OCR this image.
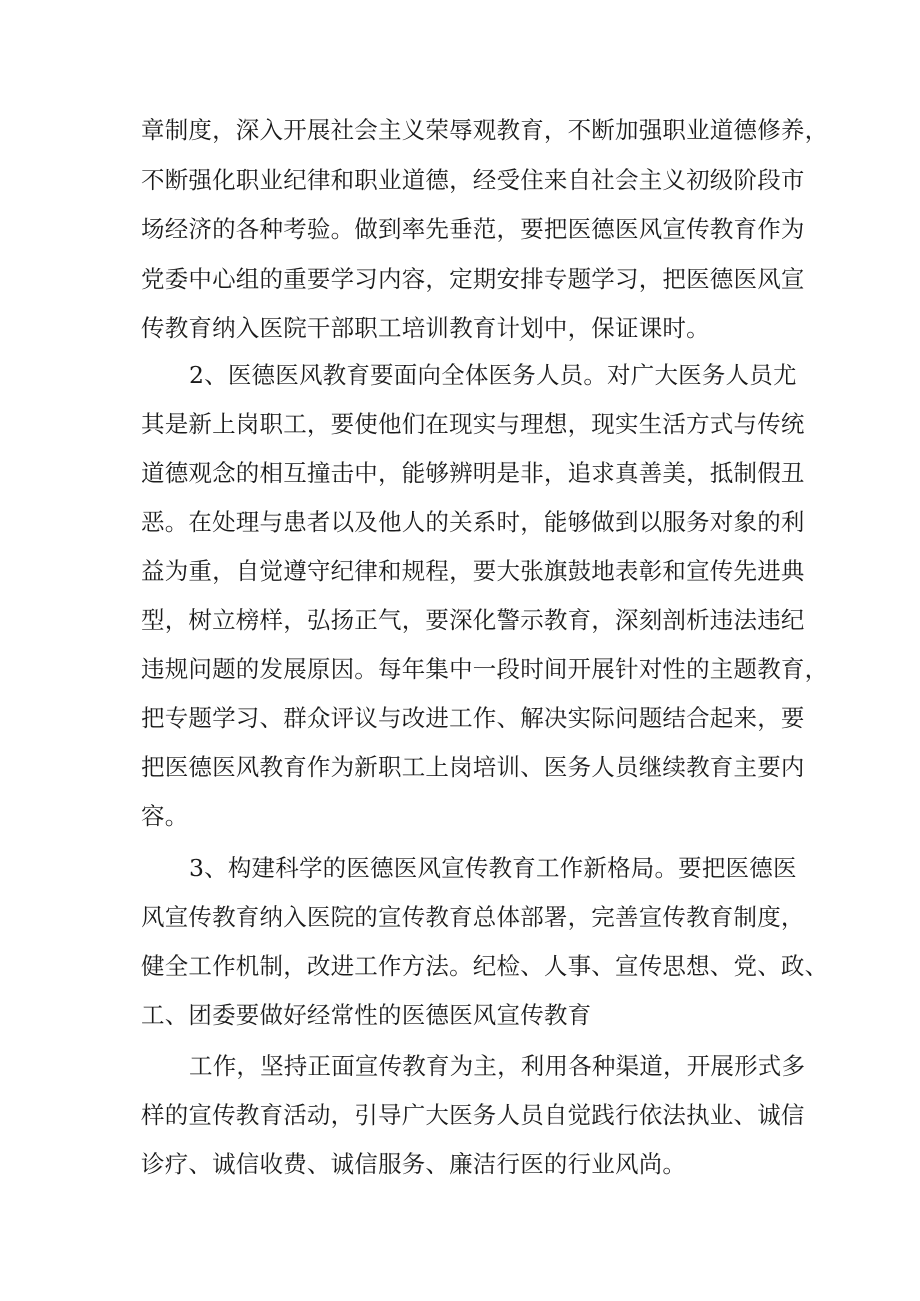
章制度，深入开展社会主义荣辱观教育，不断加强职业道德修养，
不断强化职业纪律和职业道德，经受住来自社会主义初级阶段市
场经济的各种考验。做到率先垂范，要把医德医风宣传教育作为
党委中心组的重要学习内容，定期安排专题学习，把医德医风宣
传教育纳入医院干部职工培训教育计划中，保证课时。
2、医德医风教育要面向全体医务人员。对广大医务人员尤
其是新上岗职工，要使他们在现实与理想，现实生活方式与传统
道德观念的相互撞击中，能够辨明是非，追求真善美，抵制假丑
恶。在处理与患者以及他人的关系时，能够做到以服务对象的利
益为重，自觉遵守纪律和规程，要大张旗鼓地表彰和宣传先进典
型，树立榜样，弘扬正气，要深化警示教育，深刻剖析违法违纪
违规问题的发展原因。每年集中一段时间开展针对性的主题教育，
把专题学习、群众评议与改进工作、解决实际问题结合起来，要
把医德医风教育作为新职工上岗培训、医务人员继续教育主要内
容。
3、构建科学的医德医风宣传教育工作新格局。要把医德医
风宣传教育纳入医院的宣传教育总体部署，完善宣传教育制度，
健全工作机制，改进工作方法。纪检、人事、宣传思想、党、政、
工、团委要做好经常性的医德医风宣传教育
工作，坚持正面宣传教育为主，利用各种渠道，开展形式多
样的宣传教育活动，引导广大医务人员自觉践行依法执业、诚信
诊疗、诚信收费、诚信服务、廉洁行医的行业风尚。
